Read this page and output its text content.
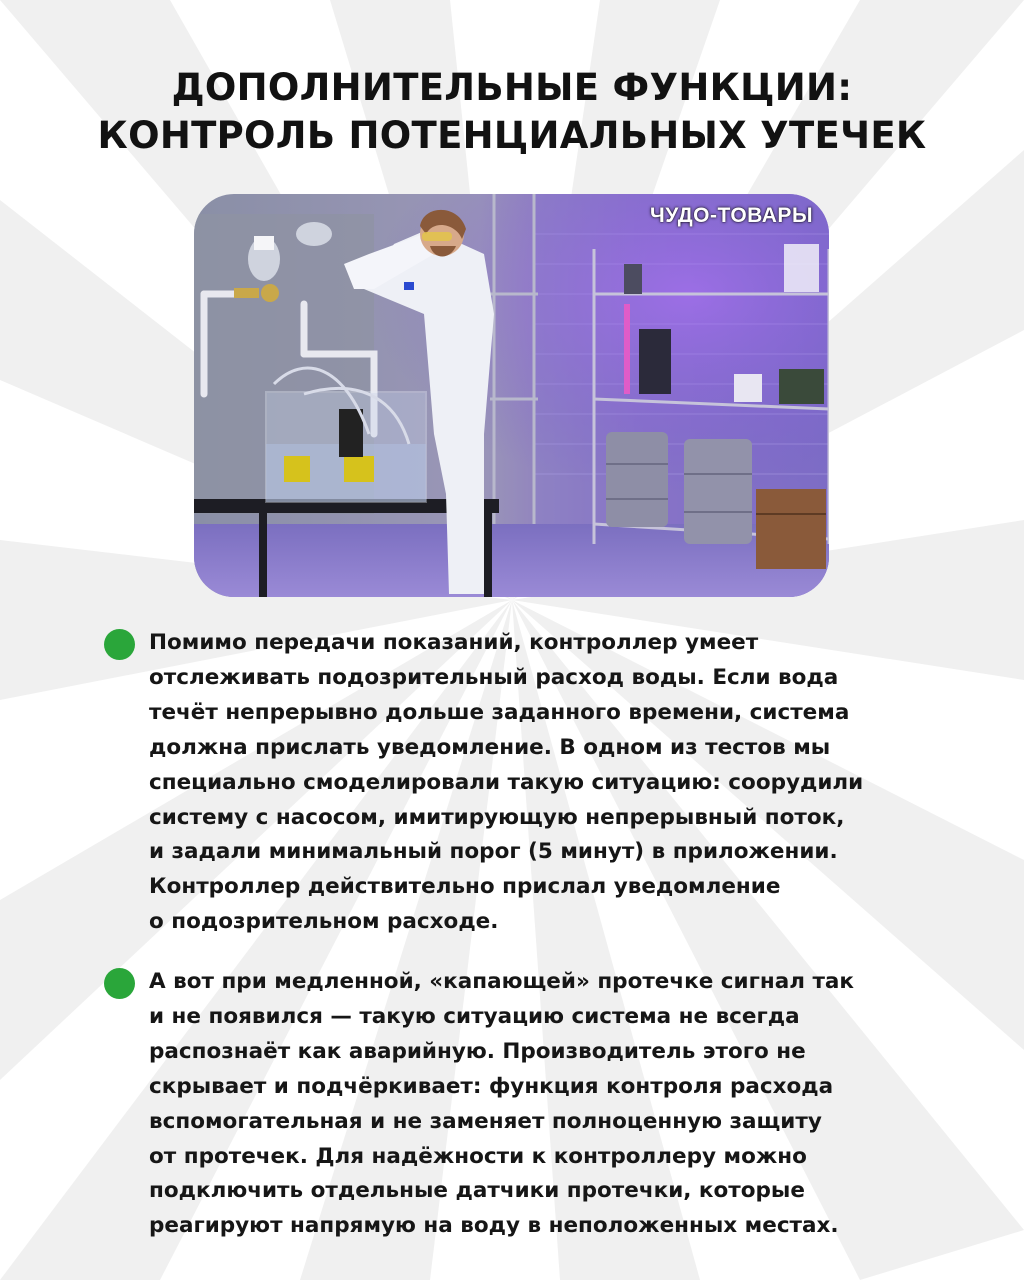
ДОПОЛНИТЕЛЬНЫЕ ФУНКЦИИ:
КОНТРОЛЬ ПОТЕНЦИАЛЬНЫХ УТЕЧЕК
ЧУДО-ТОВАРЫ

Помимо передачи показаний, контроллер умеет
отслеживать подозрительный расход воды. Если вода
течёт непрерывно дольше заданного времени, система
должна прислать уведомление. В одном из тестов мы
специально смоделировали такую ситуацию: соорудили
систему с насосом, имитирующую непрерывный поток,
и задали минимальный порог (5 минут) в приложении.
Контроллер действительно прислал уведомление
о подозрительном расходе.

А вот при медленной, «капающей» протечке сигнал так
и не появился — такую ситуацию система не всегда
распознаёт как аварийную. Производитель этого не
скрывает и подчёркивает: функция контроля расхода
вспомогательная и не заменяет полноценную защиту
от протечек. Для надёжности к контроллеру можно
подключить отдельные датчики протечки, которые
реагируют напрямую на воду в неположенных местах.
